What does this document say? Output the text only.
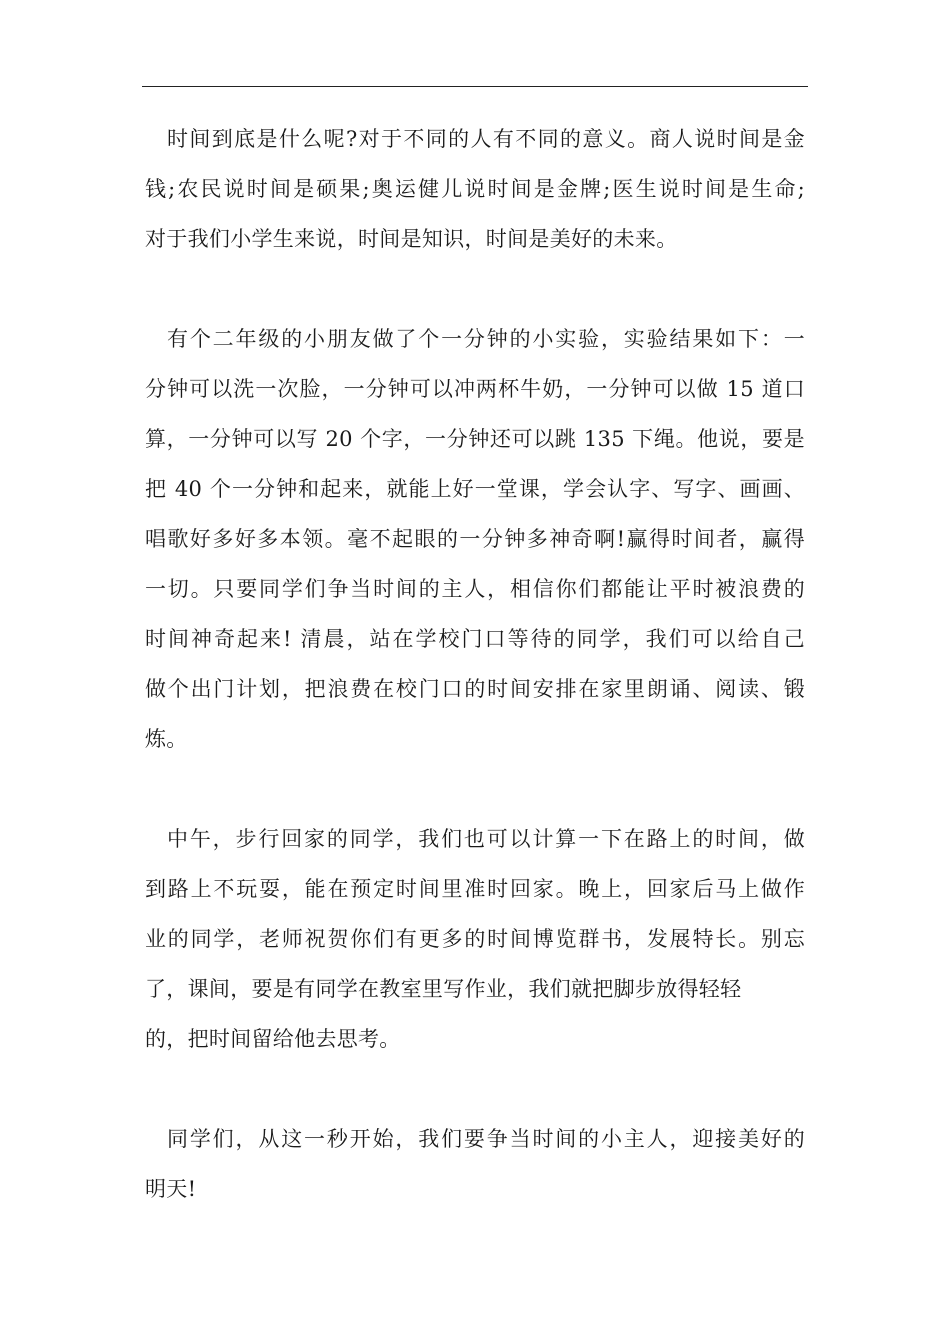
时间到底是什么呢?对于不同的人有不同的意义。商人说时间是金
钱;农民说时间是硕果;奥运健儿说时间是金牌;医生说时间是生命;
对于我们小学生来说，时间是知识，时间是美好的未来。
有个二年级的小朋友做了个一分钟的小实验，实验结果如下：一
分钟可以洗一次脸，一分钟可以冲两杯牛奶，一分钟可以做 15 道口
算，一分钟可以写 20 个字，一分钟还可以跳 135 下绳。他说，要是
把 40 个一分钟和起来，就能上好一堂课，学会认字、写字、画画、
唱歌好多好多本领。毫不起眼的一分钟多神奇啊!赢得时间者，赢得
一切。只要同学们争当时间的主人，相信你们都能让平时被浪费的
时间神奇起来! 清晨，站在学校门口等待的同学，我们可以给自己
做个出门计划，把浪费在校门口的时间安排在家里朗诵、阅读、锻
炼。
中午，步行回家的同学，我们也可以计算一下在路上的时间，做
到路上不玩耍，能在预定时间里准时回家。晚上，回家后马上做作
业的同学，老师祝贺你们有更多的时间博览群书，发展特长。别忘
了，课间，要是有同学在教室里写作业，我们就把脚步放得轻轻
的，把时间留给他去思考。
同学们，从这一秒开始，我们要争当时间的小主人，迎接美好的
明天!
